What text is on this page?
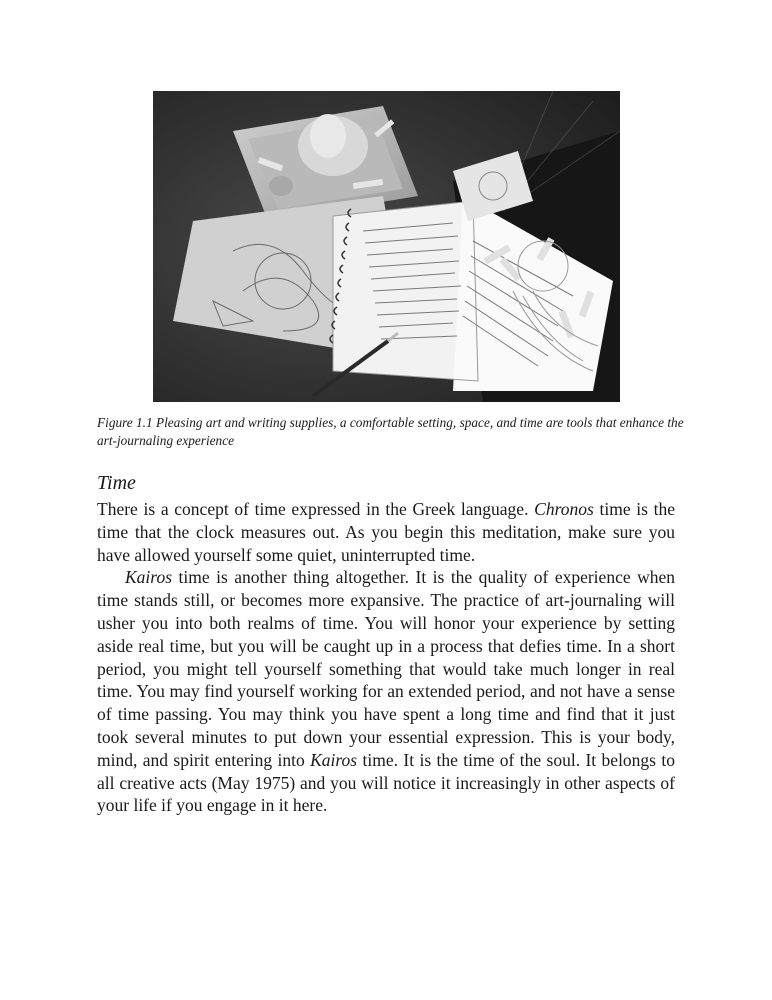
Figure 1.1 Pleasing art and writing supplies, a comfortable setting, space, and time are tools that enhance the art-journaling experience

Time

There is a concept of time expressed in the Greek language. Chronos time is the time that the clock measures out. As you begin this meditation, make sure you have allowed yourself some quiet, uninterrupted time.

Kairos time is another thing altogether. It is the quality of experience when time stands still, or becomes more expansive. The practice of art-journaling will usher you into both realms of time. You will honor your experience by setting aside real time, but you will be caught up in a process that defies time. In a short period, you might tell yourself something that would take much longer in real time. You may find yourself working for an extended period, and not have a sense of time passing. You may think you have spent a long time and find that it just took several minutes to put down your essential expression. This is your body, mind, and spirit entering into Kairos time. It is the time of the soul. It belongs to all creative acts (May 1975) and you will notice it increasingly in other aspects of your life if you engage in it here.
